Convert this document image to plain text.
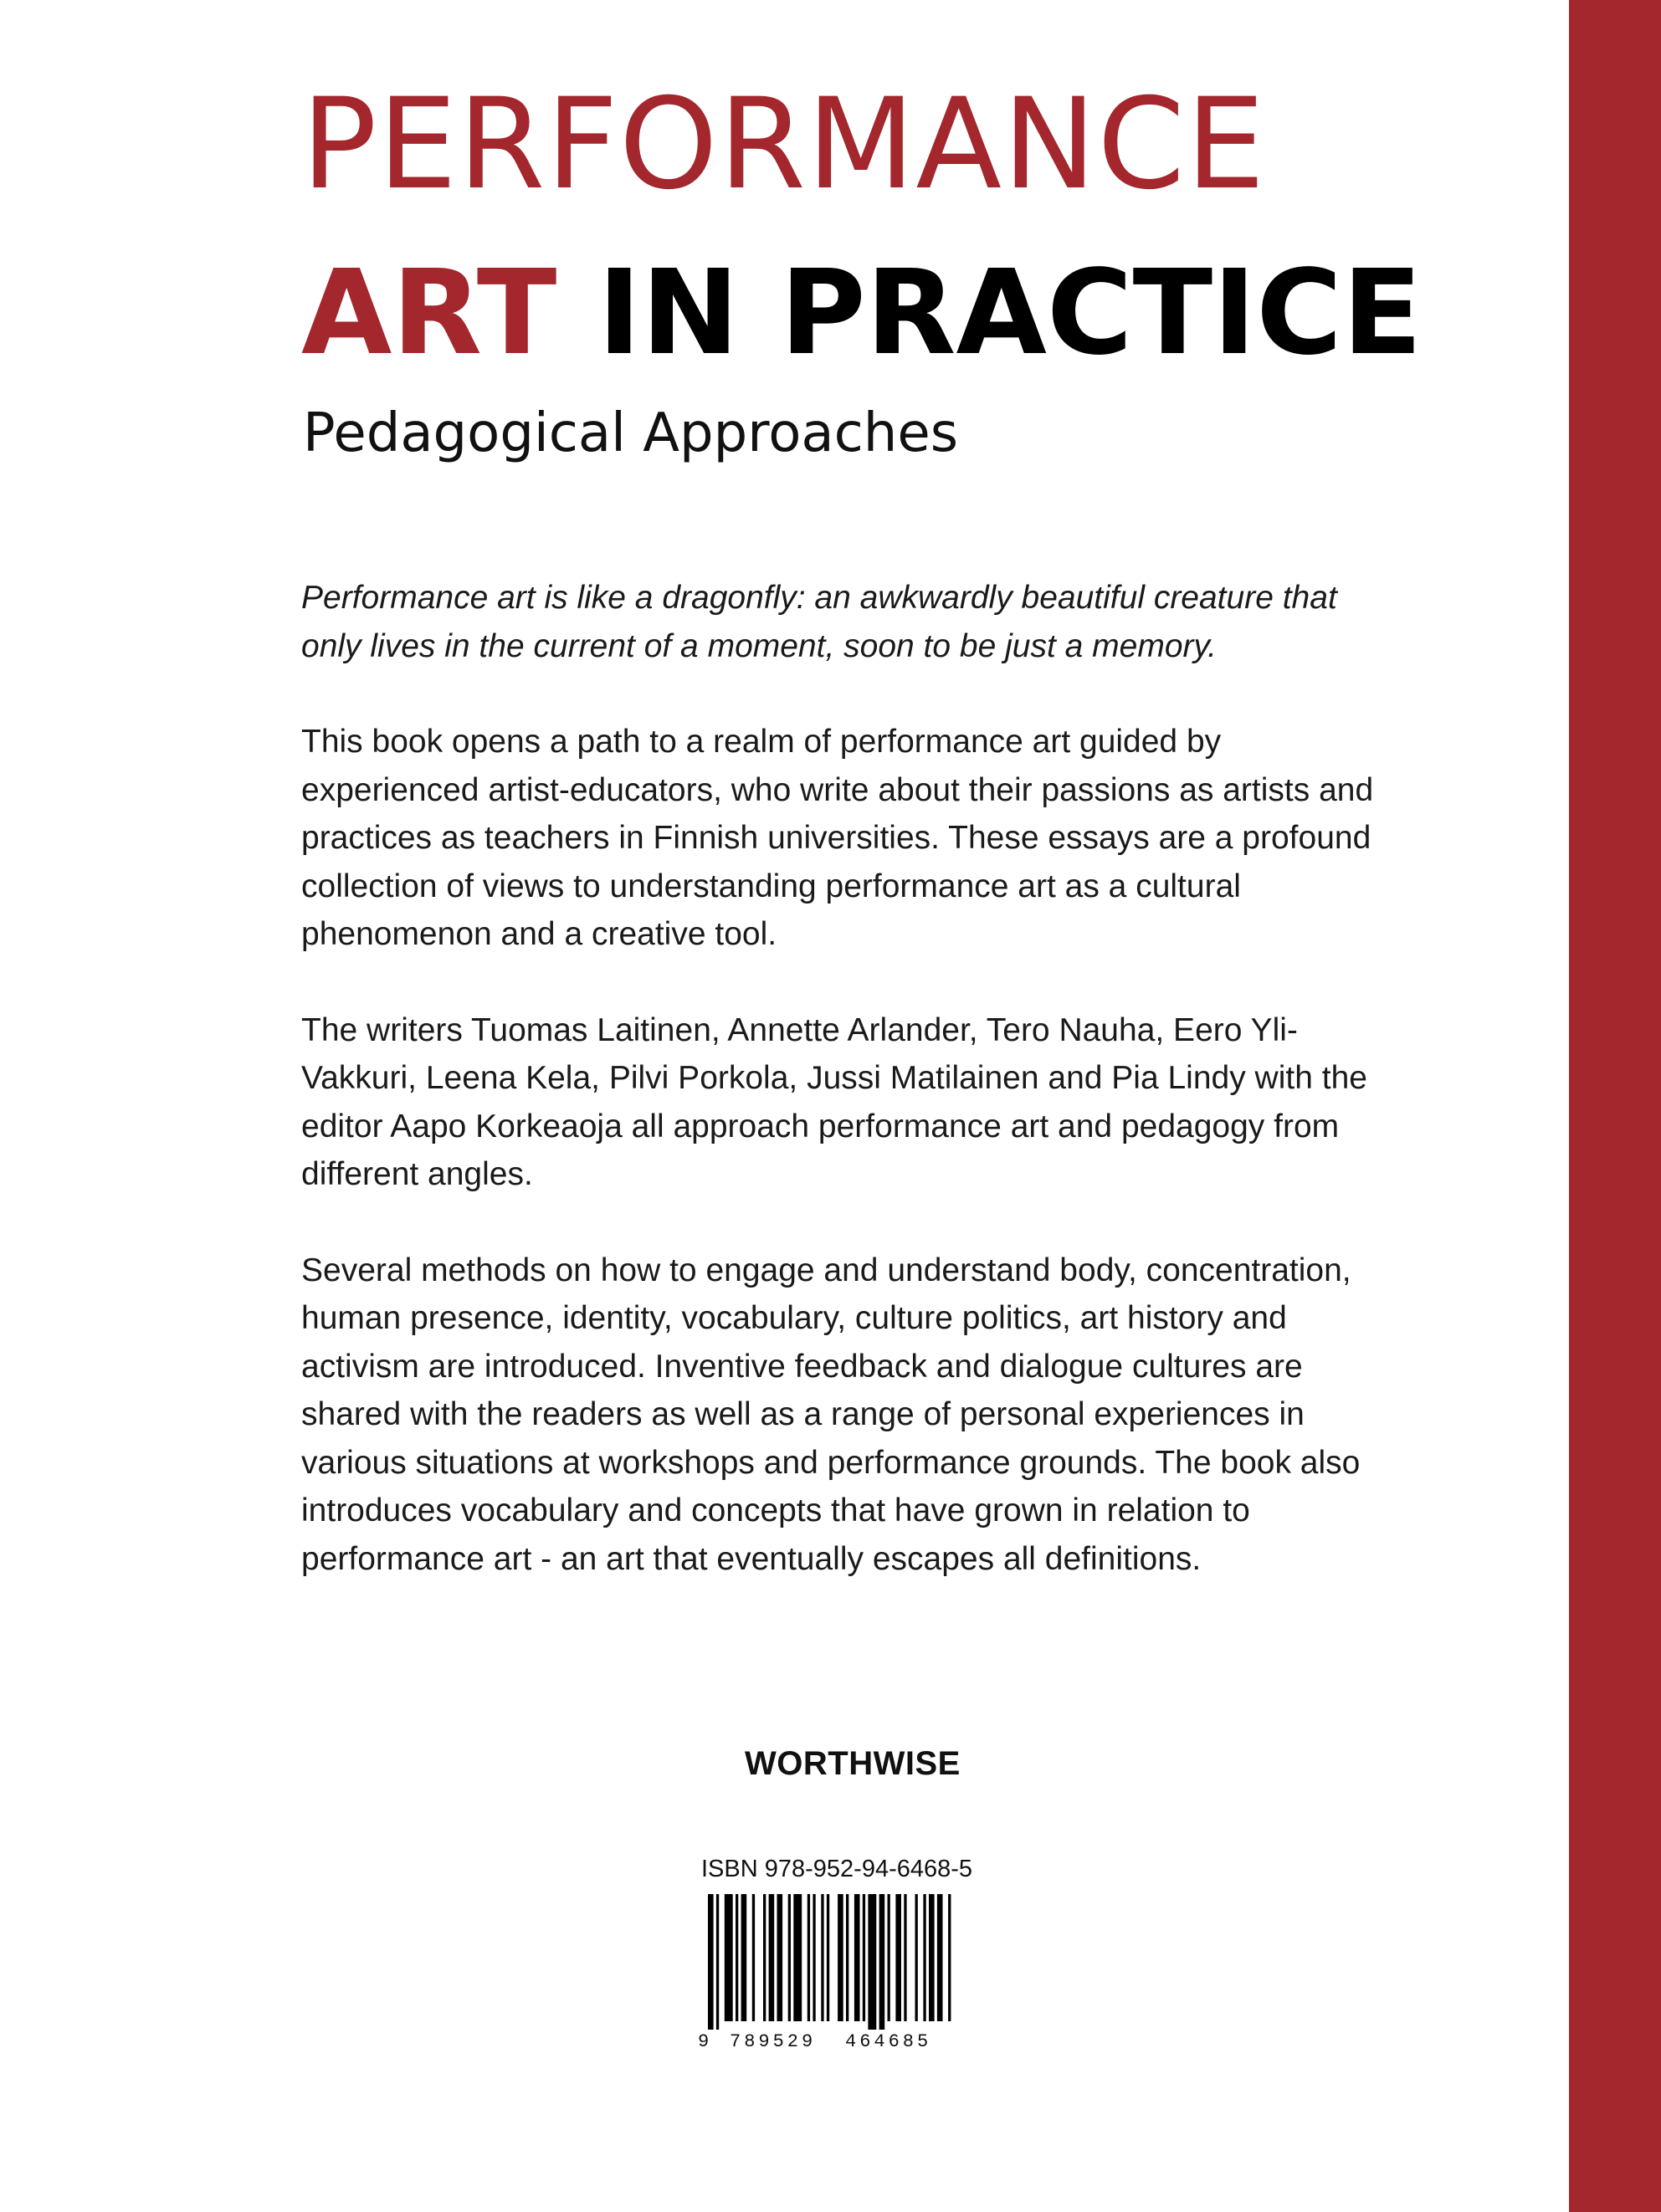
PERFORMANCE
ART IN PRACTICE
Pedagogical Approaches

Performance art is like a dragonfly: an awkwardly beautiful creature that only lives in the current of a moment, soon to be just a memory.

This book opens a path to a realm of performance art guided by experienced artist-educators, who write about their passions as artists and practices as teachers in Finnish universities. These essays are a profound collection of views to understanding performance art as a cultural phenomenon and a creative tool.

The writers Tuomas Laitinen, Annette Arlander, Tero Nauha, Eero Yli-Vakkuri, Leena Kela, Pilvi Porkola, Jussi Matilainen and Pia Lindy with the editor Aapo Korkeaoja all approach performance art and pedagogy from different angles.

Several methods on how to engage and understand body, concentration, human presence, identity, vocabulary, culture politics, art history and activism are introduced. Inventive feedback and dialogue cultures are shared with the readers as well as a range of personal experiences in various situations at workshops and performance grounds. The book also introduces vocabulary and concepts that have grown in relation to performance art - an art that eventually escapes all definitions.

WORTHWISE
ISBN 978-952-94-6468-5
9 789529 464685
